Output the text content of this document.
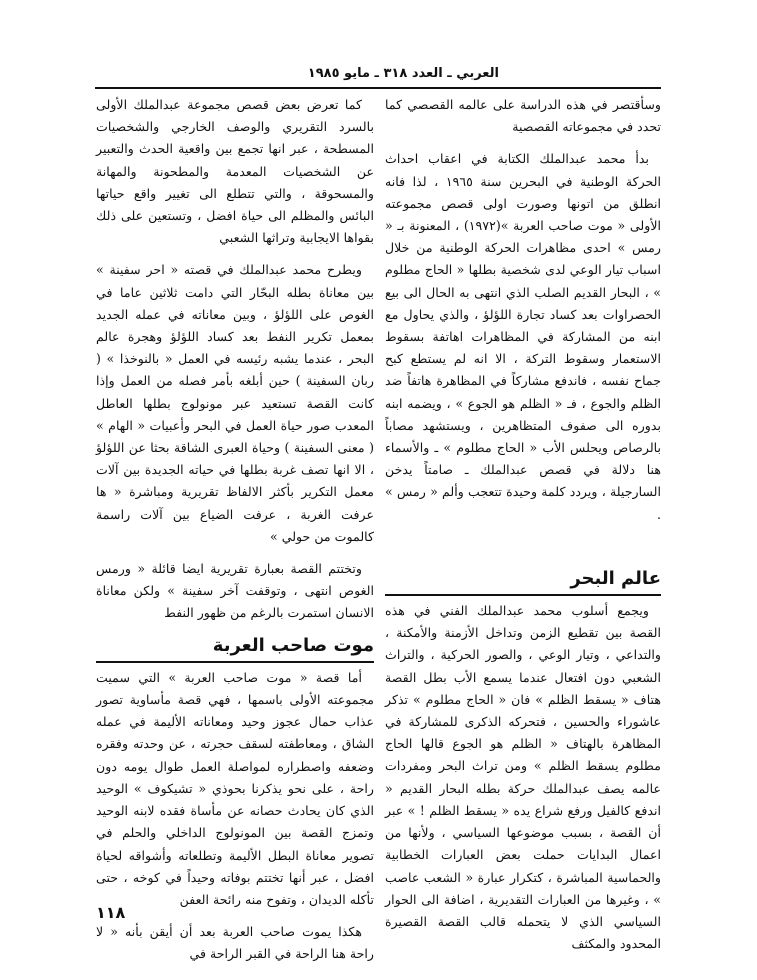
العربي ـ العدد ٣١٨ ـ مايو ١٩٨٥

وسأقتصر في هذه الدراسة على عالمه القصصي كما تحدد في مجموعاته القصصية

بدأ محمد عبدالملك الكتابة في اعقاب احداث الحركة الوطنية في البحرين سنة ١٩٦٥ ، لذا فانه انطلق من اتونها وصورت اولى قصص مجموعته الأولى « موت صاحب العربة »(١٩٧٢) ، المعنونة بـ « رمس » احدى مظاهرات الحركة الوطنية من خلال اسباب تيار الوعي لدى شخصية بطلها « الحاج مطلوم » ، البحار القديم الصلب الذي انتهى به الحال الى بيع الحصراوات بعد كساد تجارة اللؤلؤ ، والذي يحاول مع ابنه من المشاركة في المظاهرات اهاتفة بسقوط الاستعمار وسقوط التركة ، الا انه لم يستطع كبح جماح نفسه ، فاندفع مشاركاً في المظاهرة هاتفاً ضد الظلم والجوع ، فـ « الظلم هو الجوع » ، ويضمه ابنه بدوره الى صفوف المتظاهرين ، ويستشهد مصاباً بالرصاص ويحلس الأب « الحاج مطلوم » ـ والأسماء هنا دلالة في قصص عبدالملك ـ صامتاً يدخن السارجيلة ، ويردد كلمة وحيدة تتعجب وألم « رمس » .

عالم البحر

ويجمع أسلوب محمد عبدالملك الفني في هذه القصة بين تقطيع الزمن وتداخل الأزمنة والأمكنة ، والتداعي ، وتيار الوعي ، والصور الحركية ، والتراث الشعبي دون افتعال عندما يسمع الأب بطل القصة هتاف « يسقط الظلم » فان « الحاج مطلوم » تذكر عاشوراء والحسين ، فتحركه الذكرى للمشاركة في المظاهرة بالهتاف « الظلم هو الجوع قالها الحاج مطلوم يسقط الظلم » ومن تراث البحر ومفردات عالمه يصف عبدالملك حركة بطله البحار القديم « اندفع كالفيل ورفع شراع يده « يسقط الظلم ! » عبر أن القصة ، بسبب موضوعها السياسي ، ولأنها من اعمال البدايات حملت بعض العبارات الخطابية والحماسية المباشرة ، كتكرار عبارة « الشعب عاصب » ، وغيرها من العبارات التقديرية ، اضافة الى الحوار السياسي الذي لا يتحمله قالب القصة القصيرة المحدود والمكثف

كما تعرض بعض قصص مجموعة عبدالملك الأولى بالسرد التقريري والوصف الخارجي والشخصيات المسطحة ، عبر انها تجمع بين واقعية الحدث والتعبير عن الشخصيات المعدمة والمطحونة والمهانة والمسحوقة ، والتي تتطلع الى تغيير واقع حياتها البائس والمظلم الى حياة افضل ، وتستعين على ذلك بقواها الايجابية وتراثها الشعبي

ويطرح محمد عبدالملك في قصته « احر سفينة » بين معاناة بطله البحّار التي دامت ثلاثين عاما في الغوص على اللؤلؤ ، وبين معاناته في عمله الجديد بمعمل تكرير النفط بعد كساد اللؤلؤ وهجرة عالم البحر ، عندما يشبه رئيسه في العمل « بالنوخذا » ( ربان السفينة ) حين أبلغه بأمر فصله من العمل وإذا كانت القصة تستعيد عبر مونولوج بطلها العاطل المعدب صور حياة العمل في البحر وأعبيات « الهام » ( معنى السفينة ) وحياة العبرى الشاقة بحثا عن اللؤلؤ ، الا انها تصف غربة بطلها في حياته الجديدة بين آلات معمل التكرير بأكثر الالفاظ تقريرية ومباشرة « ها عرفت الغربة ، عرفت الضياع بين آلات راسمة كالموت من حولي »

وتختتم القصة بعبارة تقريرية ايضا قائلة « ورمس الغوص انتهى ، وتوقفت آخر سفينة » ولكن معاناة الانسان استمرت بالرغم من ظهور النفط

موت صاحب العربة

أما قصة « موت صاحب العربة » التي سميت مجموعته الأولى باسمها ، فهي قصة مأساوية تصور عذاب حمال عجوز وحيد ومعاناته الأليمة في عمله الشاق ، ومعاطفته لسقف حجرته ، عن وحدته وفقره وضعفه واصطراره لمواصلة العمل طوال يومه دون راحة ، على نحو يذكرنا بحوذي « تشيكوف » الوحيد الذي كان يحادث حصانه عن مأساة فقده لابنه الوحيد وتمزج القصة بين المونولوج الداخلي والحلم في تصوير معاناة البطل الأليمة وتطلعاته وأشواقه لحياة افضل ، عبر أنها تختتم بوفاته وحيداً في كوخه ، حتى تأكله الديدان ، وتفوح منه رائحة العفن

هكذا يموت صاحب العربة بعد أن أيقن بأنه « لا راحة هنا الراحة في القبر الراحة في

١١٨
